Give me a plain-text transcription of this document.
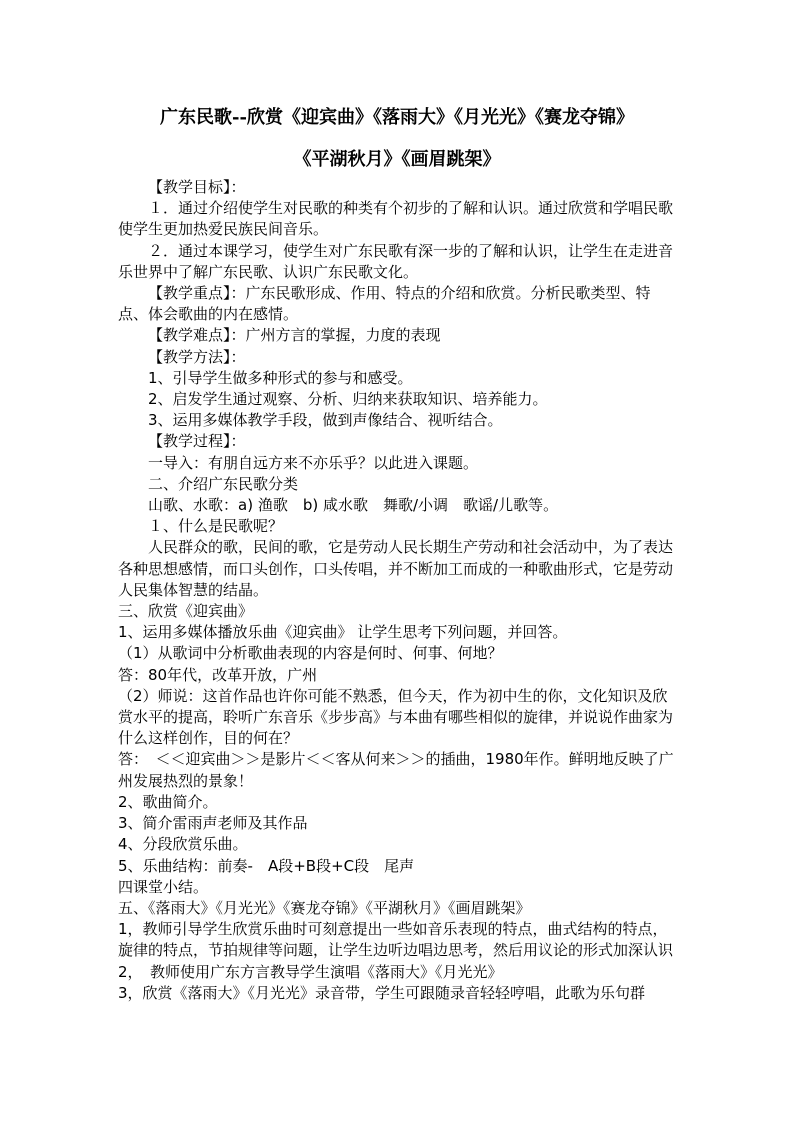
广东民歌--欣赏《迎宾曲》《落雨大》《月光光》《赛龙夺锦》
《平湖秋月》《画眉跳架》

【教学目标】：

１．通过介绍使学生对民歌的种类有个初步的了解和认识。通过欣赏和学唱民歌使学生更加热爱民族民间音乐。

２．通过本课学习，使学生对广东民歌有深一步的了解和认识，让学生在走进音乐世界中了解广东民歌、认识广东民歌文化。

【教学重点】：广东民歌形成、作用、特点的介绍和欣赏。分析民歌类型、特点、体会歌曲的内在感情。

【教学难点】：广州方言的掌握，力度的表现

【教学方法】：

1、引导学生做多种形式的参与和感受。

2、启发学生通过观察、分析、归纳来获取知识、培养能力。

3、运用多媒体教学手段，做到声像结合、视听结合。

【教学过程】：

一导入：有朋自远方来不亦乐乎？以此进入课题。

二、介绍广东民歌分类

山歌、水歌：a) 渔歌　b) 咸水歌　舞歌/小调　歌谣/儿歌等。

１、什么是民歌呢？

人民群众的歌，民间的歌，它是劳动人民长期生产劳动和社会活动中，为了表达各种思想感情，而口头创作，口头传唱，并不断加工而成的一种歌曲形式，它是劳动人民集体智慧的结晶。

三、欣赏《迎宾曲》

1、运用多媒体播放乐曲《迎宾曲》 让学生思考下列问题，并回答。

（1）从歌词中分析歌曲表现的内容是何时、何事、何地？

答：80年代，改革开放，广州

（2）师说：这首作品也许你可能不熟悉，但今天，作为初中生的你，文化知识及欣赏水平的提高，聆听广东音乐《步步高》与本曲有哪些相似的旋律，并说说作曲家为什么这样创作，目的何在？

答：　＜＜迎宾曲＞＞是影片＜＜客从何来＞＞的插曲，1980年作。鲜明地反映了广州发展热烈的景象！

2、歌曲简介。

3、简介雷雨声老师及其作品

4、分段欣赏乐曲。

5、乐曲结构：前奏-　A段+B段+C段　尾声

四课堂小结。

五、《落雨大》《月光光》《赛龙夺锦》《平湖秋月》《画眉跳架》

1，教师引导学生欣赏乐曲时可刻意提出一些如音乐表现的特点，曲式结构的特点，旋律的特点，节拍规律等问题，让学生边听边唱边思考，然后用议论的形式加深认识

2，　教师使用广东方言教导学生演唱《落雨大》《月光光》

3，欣赏《落雨大》《月光光》录音带，学生可跟随录音轻轻哼唱，此歌为乐句群
